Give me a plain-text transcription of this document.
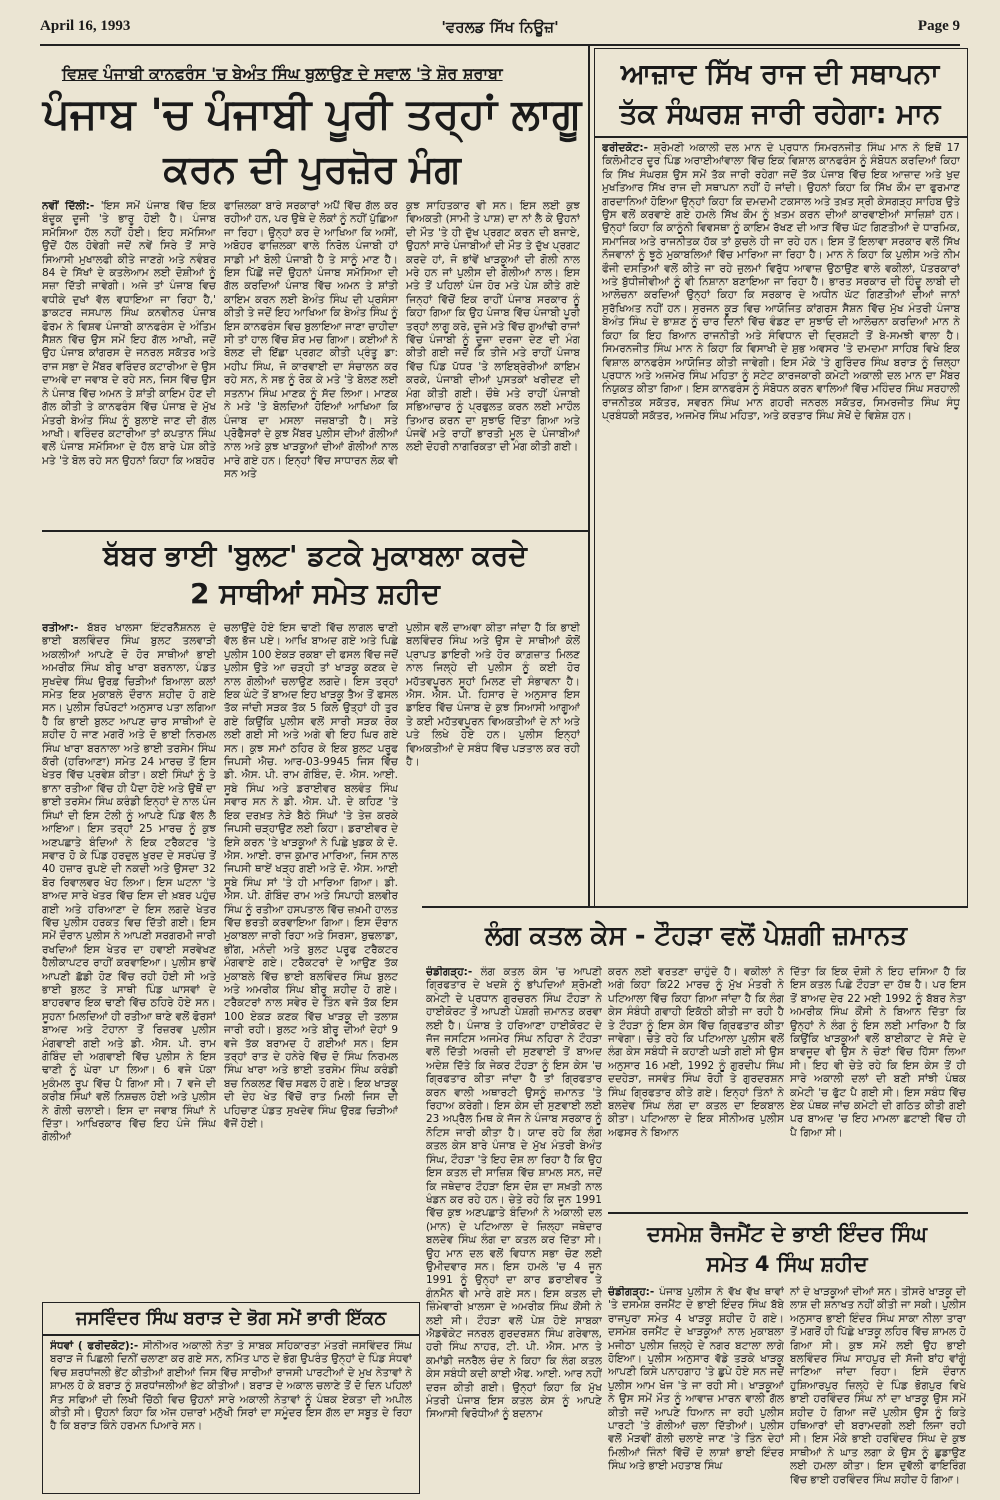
April 16, 1993	'ਵਰਲਡ ਸਿੱਖ ਨਿਊਜ਼'	Page 9
ਵਿਸ਼ਵ ਪੰਜਾਬੀ ਕਾਨਫਰੰਸ 'ਚ ਬੇਅੰਤ ਸਿੰਘ ਬੁਲਾਉਣ ਦੇ ਸਵਾਲ 'ਤੇ ਸ਼ੋਰ ਸ਼ਰਾਬਾ
ਪੰਜਾਬ 'ਚ ਪੰਜਾਬੀ ਪੂਰੀ ਤਰ੍ਹਾਂ ਲਾਗੂ
ਕਰਨ ਦੀ ਪੁਰਜ਼ੋਰ ਮੰਗ
ਨਵੀਂ ਦਿੱਲੀ:- 'ਇਸ ਸਮੇਂ ਪੰਜਾਬ ਵਿੱਚ ਇਕ ਬੰਦੂਕ ਦੂਜੀ 'ਤੇ ਭਾਰੂ ਹੋਈ ਹੈ। ਪੰਜਾਬ ਸਮੱਸਿਆ ਹੱਲ ਨਹੀਂ ਹੋਈ। ਇਹ ਸਮੱਸਿਆ ਉਦੋਂ ਹੱਲ ਹੋਵੇਗੀ ਜਦੋਂ ਨਵੇਂ ਸਿਰੇ ਤੋਂ ਸਾਰੇ ਸਿਆਸੀ ਮੁਖਾਲਫੀ ਕੀਤੇ ਜਾਣਗੇ ਅਤੇ ਨਵੰਬਰ 84 ਦੇ ਸਿੱਖਾਂ ਦੇ ਕਤਲੇਆਮ ਲਈ ਦੋਸ਼ੀਆਂ ਨੂੰ ਸਜ਼ਾ ਦਿੱਤੀ ਜਾਵੇਗੀ। ਅਜੇ ਤਾਂ ਪੰਜਾਬ ਵਿਚ ਵਧੀਕੇ ਦੁਖਾਂ ਵੱਲ ਵਧਾਇਆ ਜਾ ਰਿਹਾ ਹੈ,' ਡਾਕਟਰ ਜਸਪਾਲ ਸਿੰਘ ਕਨਵੀਨਰ ਪੰਜਾਬ ਫੋਰਮ ਨੇ ਵਿਸ਼ਵ ਪੰਜਾਬੀ ਕਾਨਫਰੰਸ ਦੇ ਅੰਤਿਮ ਸੈਸ਼ਨ ਵਿੱਚ ਉਸ ਸਮੇਂ ਇਹ ਗੱਲ ਆਖੀ, ਜਦੋਂ ਉਹ ਪੰਜਾਬ ਕਾਂਗਰਸ ਦੇ ਜਨਰਲ ਸਕੱਤਰ ਅਤੇ ਰਾਜ ਸਭਾ ਦੇ ਮੈਂਬਰ ਵਰਿੰਦਰ ਕਟਾਰੀਆ ਦੇ ਉਸ ਦਾਅਵੇ ਦਾ ਜਵਾਬ ਦੇ ਰਹੇ ਸਨ, ਜਿਸ ਵਿੱਚ ਉਸ ਨੇ ਪੰਜਾਬ ਵਿੱਚ ਅਮਨ ਤੇ ਸ਼ਾਂਤੀ ਕਾਇਮ ਹੋਣ ਦੀ ਗੱਲ ਕੀਤੀ ਤੇ ਕਾਨਫਰੰਸ ਵਿੱਚ ਪੰਜਾਬ ਦੇ ਮੁੱਖ ਮੰਤਰੀ ਬੇਅੰਤ ਸਿੰਘ ਨੂੰ ਬੁਲਾਏ ਜਾਣ ਦੀ ਗੱਲ ਆਖੀ। ਵਰਿੰਦਰ ਕਟਾਰੀਆ ਤਾਂ ਕਪਤਾਨ ਸਿੰਘ ਵਲੋਂ ਪੰਜਾਬ ਸਮੱਸਿਆ ਦੇ ਹੱਲ ਬਾਰੇ ਪੇਸ਼ ਕੀਤੇ ਮਤੇ 'ਤੇ ਬੋਲ ਰਹੇ ਸਨ ਉਹਨਾਂ ਕਿਹਾ ਕਿ ਅਬਹੋਰ
ਫਾਜ਼ਿਲਕਾ ਬਾਰੇ ਸਰਕਾਰਾਂ ਅਪੈਂ ਵਿੱਚ ਗੱਲ ਕਰ ਰਹੀਆਂ ਹਨ, ਪਰ ਉਥੇ ਦੇ ਲੋਕਾਂ ਨੂੰ ਨਹੀਂ ਪੁੱਛਿਆ ਜਾ ਰਿਹਾ। ਉਨ੍ਹਾਂ ਕਰ ਦੇ ਆਖਿਆ ਕਿ ਅਸੀਂ, ਅਬੋਹਰ ਫਾਜ਼ਿਲਕਾ ਵਾਲੇ ਨਿਰੋਲ ਪੰਜਾਬੀ ਹਾਂ ਸਾਡੀ ਮਾਂ ਬੋਲੀ ਪੰਜਾਬੀ ਹੈ ਤੇ ਸਾਨੂੰ ਮਾਣ ਹੈ। ਇਸ ਪਿੱਛੋਂ ਜਦੋਂ ਉਹਨਾਂ ਪੰਜਾਬ ਸਮੱਸਿਆ ਦੀ ਗੱਲ ਕਰਦਿਆਂ ਪੰਜਾਬ ਵਿੱਚ ਅਮਨ ਤੇ ਸ਼ਾਂਤੀ ਕਾਇਮ ਕਰਨ ਲਈ ਬੇਅੰਤ ਸਿੰਘ ਦੀ ਪ੍ਰਸੰਸਾ ਕੀਤੀ ਤੇ ਜਦੋਂ ਇਹ ਆਖਿਆ ਕਿ ਬੇਅੰਤ ਸਿੰਘ ਨੂੰ ਇਸ ਕਾਨਫਰੰਸ ਵਿਚ ਬੁਲਾਇਆ ਜਾਣਾ ਚਾਹੀਦਾ ਸੀ ਤਾਂ ਹਾਲ ਵਿੱਚ ਸ਼ੋਰ ਮਚ ਗਿਆ। ਕਈਆਂ ਨੇ ਬੋਲਣ ਦੀ ਇੱਛਾ ਪ੍ਰਗਟ ਕੀਤੀ ਪ੍ਰੰਤੂ ਡਾ: ਮਹੀਪ ਸਿੰਘ, ਜੋ ਕਾਰਵਾਈ ਦਾ ਸੰਚਾਲਨ ਕਰ ਰਹੇ ਸਨ, ਨੇ ਸਭ ਨੂੰ ਰੋਕ ਕੇ ਮਤੇ 'ਤੇ ਬੋਲਣ ਲਈ ਸਤਨਾਮ ਸਿੰਘ ਮਾਣਕ ਨੂੰ ਸੱਦ ਲਿਆ। ਮਾਣਕ ਨੇ ਮਤੇ 'ਤੇ ਬੋਲਦਿਆਂ ਹੋਇਆਂ ਆਖਿਆ ਕਿ ਪੰਜਾਬ ਦਾ ਮਸਲਾ ਜਜ਼ਬਾਤੀ ਹੈ। ਸਤੇ ਪ੍ਰੋਫੈਸਰਾਂ ਦੇ ਕੁਝ ਮੈਂਬਰ ਪੁਲੀਸ ਦੀਆਂ ਗੋਲੀਆਂ ਨਾਲ ਅਤੇ ਕੁਝ ਖਾੜਕੂਆਂ ਦੀਆਂ ਗੋਲੀਆਂ ਨਾਲ ਮਾਰੇ ਗਏ ਹਨ। ਇਨ੍ਹਾਂ ਵਿੱਚ ਸਾਧਾਰਨ ਲੋਕ ਵੀ ਸਨ ਅਤੇ
ਕੁਝ ਸਾਹਿਤਕਾਰ ਵੀ ਸਨ। ਇਸ ਲਈ ਕੁਝ ਵਿਅਕਤੀ (ਸਾਮੀ ਤੇ ਪਾਸ਼) ਦਾ ਨਾਂ ਲੈ ਕੇ ਉਹਨਾਂ ਦੀ ਮੌਤ 'ਤੇ ਹੀ ਦੁੱਖ ਪ੍ਰਗਟ ਕਰਨ ਦੀ ਬਜਾਏ, ਉਹਨਾਂ ਸਾਰੇ ਪੰਜਾਬੀਆਂ ਦੀ ਮੌਤ ਤੇ ਦੁੱਖ ਪ੍ਰਗਟ ਕਰਦੇ ਹਾਂ, ਜੋ ਭਾਂਵੇਂ ਖਾੜਕੂਆਂ ਦੀ ਗੋਲੀ ਨਾਲ ਮਰੇ ਹਨ ਜਾਂ ਪੁਲੀਸ ਦੀ ਗੋਲੀਆਂ ਨਾਲ। ਇਸ ਮਤੇ ਤੋਂ ਪਹਿਲਾਂ ਪੰਜ ਹੋਰ ਮਤੇ ਪੇਸ਼ ਕੀਤੇ ਗਏ ਜਿਨ੍ਹਾਂ ਵਿੱਚੋਂ ਇਕ ਰਾਹੀਂ ਪੰਜਾਬ ਸਰਕਾਰ ਨੂੰ ਕਿਹਾ ਗਿਆ ਕਿ ਉਹ ਪੰਜਾਬ ਵਿੱਚ ਪੰਜਾਬੀ ਪੂਰੀ ਤਰ੍ਹਾਂ ਲਾਗੂ ਕਰੇ, ਦੂਜੇ ਮਤੇ ਵਿੱਚ ਗੁਆਂਢੀ ਰਾਜਾਂ ਵਿੱਚ ਪੰਜਾਬੀ ਨੂੰ ਦੂਜਾ ਦਰਜਾ ਦੇਣ ਦੀ ਮੰਗ ਕੀਤੀ ਗਈ ਜਦੋਂ ਕਿ ਤੀਜੇ ਮਤੇ ਰਾਹੀਂ ਪੰਜਾਬ ਵਿੱਚ ਪਿੰਡ ਪੱਧਰ 'ਤੇ ਲਾਇਬ੍ਰੇਰੀਆਂ ਕਾਇਮ ਕਰਕੇ, ਪੰਜਾਬੀ ਦੀਆਂ ਪੁਸਤਕਾਂ ਖਰੀਦਣ ਦੀ ਮੰਗ ਕੀਤੀ ਗਈ। ਚੌਥੇ ਮਤੇ ਰਾਹੀਂ ਪੰਜਾਬੀ ਸਭਿਆਚਾਰ ਨੂੰ ਪ੍ਰਫੁਲਤ ਕਰਨ ਲਈ ਮਾਹੌਲ ਤਿਆਰ ਕਰਨ ਦਾ ਸੁਝਾਓ ਦਿੱਤਾ ਗਿਆ ਅਤੇ ਪੰਜਵੇਂ ਮਤੇ ਰਾਹੀਂ ਭਾਰਤੀ ਮੂਲ ਦੇ ਪੰਜਾਬੀਆਂ ਲਈ ਦੋਹਰੀ ਨਾਗਰਿਕਤਾ ਦੀ ਮੰਗ ਕੀਤੀ ਗਈ।
ਆਜ਼ਾਦ ਸਿੱਖ ਰਾਜ ਦੀ ਸਥਾਪਨਾ
ਤੱਕ ਸੰਘਰਸ਼ ਜਾਰੀ ਰਹੇਗਾ: ਮਾਨ
ਫਰੀਦਕੋਟ:- ਸ਼੍ਰੋਮਣੀ ਅਕਾਲੀ ਦਲ ਮਾਨ ਦੇ ਪ੍ਰਧਾਨ ਸਿਮਰਨਜੀਤ ਸਿੰਘ ਮਾਨ ਨੇ ਇਥੋਂ 17 ਕਿਲੋਮੀਟਰ ਦੂਰ ਪਿੰਡ ਅਰਾਈਆਂਵਾਲਾ ਵਿੱਚ ਇਕ ਵਿਸ਼ਾਲ ਕਾਨਫਰੰਸ ਨੂੰ ਸੰਬੋਧਨ ਕਰਦਿਆਂ ਕਿਹਾ ਕਿ ਸਿੱਖ ਸੰਘਰਸ਼ ਉਸ ਸਮੇਂ ਤੱਕ ਜਾਰੀ ਰਹੇਗਾ ਜਦੋਂ ਤੱਕ ਪੰਜਾਬ ਵਿੱਚ ਇਕ ਆਜ਼ਾਦ ਅਤੇ ਖੁਦ ਮੁਖਤਿਆਰ ਸਿੱਖ ਰਾਜ ਦੀ ਸਥਾਪਨਾ ਨਹੀਂ ਹੋ ਜਾਂਦੀ। ਉਹਨਾਂ ਕਿਹਾ ਕਿ ਸਿੱਖ ਕੌਮ ਦਾ ਫੁਰਮਾਣ ਗਰਦਾਨਿਆਂ ਹੋਇਆ ਉਨ੍ਹਾਂ ਕਿਹਾ ਕਿ ਦਮਦਮੀ ਟਕਸਾਲ ਅਤੇ ਤਖ਼ਤ ਸ੍ਰੀ ਕੇਸਗੜ੍ਹ ਸਾਹਿਬ ਉਤੇ ਉਸ ਵਲੋਂ ਕਰਵਾਏ ਗਏ ਹਮਲੇ ਸਿੱਖ ਕੌਮ ਨੂੰ ਖ਼ਤਮ ਕਰਨ ਦੀਆਂ ਕਾਰਵਾਈਆਂ ਸਾਜ਼ਿਸ਼ਾਂ ਹਨ। ਉਨ੍ਹਾਂ ਕਿਹਾ ਕਿ ਕਾਨੂੰਨੀ ਵਿਵਸਥਾ ਨੂੰ ਕਾਇਮ ਰੱਖਣ ਦੀ ਆੜ ਵਿੱਚ ਘੱਟ ਗਿਣਤੀਆਂ ਦੇ ਧਾਰਮਿਕ, ਸਮਾਜਿਕ ਅਤੇ ਰਾਜਨੀਤਕ ਹੱਕ ਤਾਂ ਕੁਚਲੇ ਹੀ ਜਾ ਰਹੇ ਹਨ। ਇਸ ਤੋਂ ਇਲਾਵਾ ਸਰਕਾਰ ਵਲੋਂ ਸਿੱਖ ਨੌਜਵਾਨਾਂ ਨੂੰ ਝੂਠੇ ਮੁਕਾਬਲਿਆਂ ਵਿੱਚ ਮਾਰਿਆ ਜਾ ਰਿਹਾ ਹੈ। ਮਾਨ ਨੇ ਕਿਹਾ ਕਿ ਪੁਲੀਸ ਅਤੇ ਨੀਮ ਫੌਜੀ ਦਸਤਿਆਂ ਵਲੋਂ ਕੀਤੇ ਜਾ ਰਹੇ ਜ਼ੁਲਮਾਂ ਵਿਰੁੱਧ ਆਵਾਜ਼ ਉਠਾਉਣ ਵਾਲੇ ਵਕੀਲਾਂ, ਪੱਤਰਕਾਰਾਂ ਅਤੇ ਬੁੱਧੀਜੀਵੀਆਂ ਨੂੰ ਵੀ ਨਿਸ਼ਾਨਾ ਬਣਾਇਆ ਜਾ ਰਿਹਾ ਹੈ। ਭਾਰਤ ਸਰਕਾਰ ਦੀ ਹਿੰਦੂ ਲਾਬੀ ਦੀ ਆਲੋਚਨਾ ਕਰਦਿਆਂ ਉਨ੍ਹਾਂ ਕਿਹਾ ਕਿ ਸਰਕਾਰ ਦੇ ਅਧੀਨ ਘੱਟ ਗਿਣਤੀਆਂ ਦੀਆਂ ਜਾਨਾਂ ਸੁਰੱਖਿਅਤ ਨਹੀਂ ਹਨ। ਸੁਰਜਨ ਕੂੜ ਵਿਚ ਆਯੋਜਿਤ ਕਾਂਗਰਸ ਸੈਸ਼ਨ ਵਿੱਚ ਮੁੱਖ ਮੰਤਰੀ ਪੰਜਾਬ ਬੇਅੰਤ ਸਿੰਘ ਦੇ ਭਾਸ਼ਣ ਨੂੰ ਚਾਰ ਦਿਨਾਂ ਵਿੱਚ ਵੰਡਣ ਦਾ ਸੁਝਾਓ ਦੀ ਆਲੋਚਨਾ ਕਰਦਿਆਂ ਮਾਨ ਨੇ ਕਿਹਾ ਕਿ ਇਹ ਬਿਆਨ ਰਾਜਨੀਤੀ ਅਤੇ ਸੰਵਿਧਾਨ ਦੀ ਦ੍ਰਿਸ਼ਟੀ ਤੋਂ ਬੇ-ਸਮਝੀ ਵਾਲਾ ਹੈ। ਸਿਮਰਨਜੀਤ ਸਿੰਘ ਮਾਨ ਨੇ ਕਿਹਾ ਕਿ ਵਿਸਾਖੀ ਦੇ ਸ਼ੁਭ ਅਵਸਰ 'ਤੇ ਦਮਦਮਾ ਸਾਹਿਬ ਵਿਖੇ ਇਕ ਵਿਸ਼ਾਲ ਕਾਨਫਰੰਸ ਆਯੋਜਿਤ ਕੀਤੀ ਜਾਵੇਗੀ। ਇਸ ਮੌਕੇ 'ਤੇ ਗੁਰਿੰਦਰ ਸਿੰਘ ਬਰਾੜ ਨੂੰ ਜ਼ਿਲ੍ਹਾ ਪ੍ਰਧਾਨ ਅਤੇ ਅਜਮੇਰ ਸਿੰਘ ਮਹਿਤਾ ਨੂੰ ਸਟੇਟ ਕਾਰਜਕਾਰੀ ਕਮੇਟੀ ਅਕਾਲੀ ਦਲ ਮਾਨ ਦਾ ਮੈਂਬਰ ਨਿਯੁਕਤ ਕੀਤਾ ਗਿਆ। ਇਸ ਕਾਨਫਰੰਸ ਨੂੰ ਸੰਬੋਧਨ ਕਰਨ ਵਾਲਿਆਂ ਵਿੱਚ ਮਹਿੰਦਰ ਸਿੰਘ ਸਰਹਾਲੀ ਰਾਜਨੀਤਕ ਸਕੱਤਰ, ਸਵਰਨ ਸਿੰਘ ਮਾਨ ਗਹਰੀ ਜਨਰਲ ਸਕੱਤਰ, ਸਿਮਰਜੀਤ ਸਿੰਘ ਸੰਧੂ ਪ੍ਰਬੰਧਕੀ ਸਕੱਤਰ, ਅਜਮੇਰ ਸਿੰਘ ਮਹਿਤਾ, ਅਤੇ ਕਰਤਾਰ ਸਿੰਘ ਸੇਖੋਂ ਦੇ ਵਿਸ਼ੇਸ਼ ਹਨ।
ਬੱਬਰ ਭਾਈ 'ਬੁਲਟ' ਡਟਕੇ ਮੁਕਾਬਲਾ ਕਰਦੇ
2 ਸਾਥੀਆਂ ਸਮੇਤ ਸ਼ਹੀਦ
ਰਤੀਆ:- ਬੱਬਰ ਖਾਲਸਾ ਇੰਟਰਨੈਸ਼ਨਲ ਦੇ ਭਾਈ ਬਲਵਿੰਦਰ ਸਿੰਘ ਬੁਲਟ ਤਲਵਾੜੀ ਅਕਲੀਆਂ ਆਪਣੇ ਦੋ ਹੋਰ ਸਾਥੀਆਂ ਭਾਈ ਅਮਰੀਕ ਸਿੰਘ ਬੀਰੂ ਖਾਰਾ ਬਰਨਾਲਾ, ਪੰਡਤ ਸੁਖਦੇਵ ਸਿੰਘ ਉਰਫ਼ ਚਿੜੀਆਂ ਬਿਆਲਾ ਕਲਾਂ ਸਮੇਤ ਇਕ ਮੁਕਾਬਲੇ ਦੌਰਾਨ ਸ਼ਹੀਦ ਹੋ ਗਏ ਸਨ। ਪੁਲੀਸ ਰਿਪੋਰਟਾਂ ਅਨੁਸਾਰ ਪਤਾ ਲਗਿਆ ਹੈ ਕਿ ਭਾਈ ਬੁਲਟ ਆਪਣ ਚਾਰ ਸਾਥੀਆਂ ਦੇ ਸ਼ਹੀਦ ਹੋ ਜਾਣ ਮਗਰੋਂ ਅਤੇ ਦੋ ਭਾਈ ਨਿਰਮਲ ਸਿੰਘ ਖਾਰਾ ਬਰਨਾਲਾ ਅਤੇ ਭਾਈ ਤਰਸੇਮ ਸਿੰਘ ਕੱਰੀ (ਹਰਿਆਣਾ) ਸਮੇਤ 24 ਮਾਰਚ ਤੋਂ ਇਸ ਖੇਤਰ ਵਿੱਚ ਪ੍ਰਵੇਸ਼ ਕੀਤਾ। ਕਈ ਸਿੰਘਾਂ ਨੂੰ ਤੇ ਭਾਨਾ ਰਤੀਆ ਵਿੱਚ ਹੀ ਪੈਦਾ ਹੋਏ ਅਤੇ ਉਥੋਂ ਦਾ ਭਾਈ ਤਰਸੇਮ ਸਿੰਘ ਕਰੰਡੀ ਇਨ੍ਹਾਂ ਦੇ ਨਾਲ ਪੰਜ ਸਿੰਘਾਂ ਦੀ ਇਸ ਟੋਲੀ ਨੂੰ ਆਪਣੇ ਪਿੰਡ ਵੱਲ ਲੈ ਆਇਆ। ਇਸ ਤਰ੍ਹਾਂ 25 ਮਾਰਚ ਨੂੰ ਕੁਝ ਅਣਪਛਾਤੇ ਬੰਦਿਆਂ ਨੇ ਇਕ ਟਰੈਕਟਰ 'ਤੇ ਸਵਾਰ ਹੋ ਕੇ ਪਿੰਡ ਹਰਦੁਲ ਖੁਰਦ ਦੇ ਸਰਪੰਚ ਤੋਂ 40 ਹਜ਼ਾਰ ਰੁਪਏ ਦੀ ਨਕਦੀ ਅਤੇ ਉਸਦਾ 32 ਬੋਰ ਰਿਵਾਲਵਰ ਖੋਹ ਲਿਆ। ਇਸ ਘਟਨਾ 'ਤੇ ਬਾਅਦ ਸਾਰੇ ਖੇਤਰ ਵਿੱਚ ਇਸ ਦੀ ਖ਼ਬਰ ਪਹੁੰਚ ਗਈ ਅਤੇ ਹਰਿਆਣਾ ਦੇ ਇਸ ਲਗਦੇ ਖੇਤਰ ਵਿੱਚ ਪੁਲੀਸ ਹਰਕਤ ਵਿਚ ਦਿੱਤੀ ਗਈ। ਇਸ ਸਮੇਂ ਦੌਰਾਨ ਪੁਲੀਸ ਨੇ ਆਪਣੀ ਸਰਗਰਮੀ ਜਾਰੀ ਰਖਦਿਆਂ ਇਸ ਖੇਤਰ ਦਾ ਹਵਾਈ ਸਰਵੇਖਣ ਹੈਲੀਕਾਪਟਰ ਰਾਹੀਂ ਕਰਵਾਇਆ। ਪੁਲੀਸ ਭਾਵੇਂ ਆਪਣੀ ਛੱਡੀ ਹੋਣ ਵਿੱਚ ਰਹੀ ਹੋਈ ਸੀ ਅਤੇ ਭਾਈ ਬੁਲਟ ਤੇ ਸਾਥੀ ਪਿੰਡ ਘਾਸਵਾਂ ਦੇ ਬਾਹਰਵਾਰ ਇਕ ਢਾਣੀ ਵਿੱਚ ਠਹਿਰੇ ਹੋਏ ਸਨ। ਸੂਹਨਾ ਮਿਲਦਿਆਂ ਹੀ ਰਤੀਆ ਥਾਣੇ ਵਲੋਂ ਫੋਰਸਾਂ ਬਾਅਦ ਅਤੇ ਟੋਹਾਨਾ ਤੋਂ ਰਿਜ਼ਰਵ ਪੁਲੀਸ ਮੰਗਵਾਈ ਗਈ ਅਤੇ ਡੀ. ਐਸ. ਪੀ. ਰਾਮ ਗੋਬਿੰਦ ਦੀ ਅਗਵਾਈ ਵਿੱਚ ਪੁਲੀਸ ਨੇ ਇਸ ਢਾਣੀ ਨੂੰ ਘੇਰਾ ਪਾ ਲਿਆ। 6 ਵਜੇ ਪੱਕਾ ਮੁਕੰਮਲ ਰੂਪ ਵਿੱਚ ਪੈ ਗਿਆ ਸੀ। 7 ਵਜੇ ਦੀ ਕਰੀਬ ਸਿੰਘਾਂ ਵਲੋਂ ਨਿਸ਼ਚਲ ਹੋਈ ਅਤੇ ਪੁਲੀਸ ਨੇ ਗੋਲੀ ਚਲਾਈ। ਇਸ ਦਾ ਜਵਾਬ ਸਿੰਘਾਂ ਨੇ ਦਿੱਤਾ। ਆਖਿਰਕਾਰ ਵਿੱਚ ਇਹ ਪੰਜੇ ਸਿੰਘ ਗੋਲੀਆਂ
ਚਲਾਉਂਦੇ ਹੋਏ ਇਸ ਢਾਣੀ ਵਿੱਚ ਲਾਗਲ ਢਾਣੀ ਵੱਲ ਭੱਜ ਪਏ। ਆਖਿ ਬਾਅਦ ਗਏ ਅਤੇ ਪਿਛੇ ਪੁਲੀਸ 100 ਏਕੜ ਰਕਬਾ ਦੀ ਫਸਲ ਵਿੱਚ ਜਦੋਂ ਪੁਲੀਸ ਉਤੇ ਆ ਚੜ੍ਹੀ ਤਾਂ ਖਾੜਕੂ ਕਣਕ ਦੇ ਨਾਲ ਗੋਲੀਆਂ ਚਲਾਉਣ ਲਗਦੇ। ਇਸ ਤਰ੍ਹਾਂ ਇਕ ਘੰਟੇ ਤੋਂ ਬਾਅਦ ਇਹ ਖਾੜਕੂ ਤੈਅ ਤੋਂ ਫਸਲ ਤੱਕ ਜਾਂਦੀ ਸੜਕ ਤੱਕ 5 ਕਿਲੋ ਉਤ੍ਹਾਂ ਹੀ ਤੁਰ ਗਏ ਕਿਉਂਕਿ ਪੁਲੀਸ ਵਲੋਂ ਸਾਰੀ ਸੜਕ ਰੋਕ ਲਈ ਗਈ ਸੀ ਅਤੇ ਅਗੇ ਵੀ ਇਹ ਘਿਰ ਗਏ ਸਨ। ਕੁਝ ਸਮਾਂ ਠਹਿਰ ਕੇ ਇਕ ਬੁਲਟ ਪਰੂਫ ਜਿਪਸੀ ਐਚ. ਆਰ-03-9945 ਜਿਸ ਵਿੱਚ ਡੀ. ਐਸ. ਪੀ. ਰਾਮ ਗੋਬਿੰਦ, ਦੋ. ਐਸ. ਆਈ. ਸੂਬੇ ਸਿੰਘ ਅਤੇ ਡਰਾਈਵਰ ਬਲਵੰਤ ਸਿੰਘ ਸਵਾਰ ਸਨ ਨੇ ਡੀ. ਐਸ. ਪੀ. ਦੇ ਕਹਿਣ 'ਤੇ ਇਕ ਦਰਖ਼ਤ ਨੇੜੇ ਬੈਠੇ ਸਿੰਘਾਂ 'ਤੇ ਤੇਜ਼ ਕਰਕੇ ਜਿਪਸੀ ਚੜ੍ਹਾਉਣ ਲਈ ਕਿਹਾ। ਡਰਾਈਵਰ ਦੇ ਇਸੇ ਕਰਨ 'ਤੇ ਖਾੜਕੂਆਂ ਨੇ ਪਿਛੇ ਖੁਡਕ ਕੇ ਦੋ. ਐਸ. ਆਈ. ਰਾਜ ਕੁਮਾਰ ਮਾਰਿਆ, ਜਿਸ ਨਾਲ ਜਿਪਸੀ ਥਾਏਂ ਖੜ੍ਹ ਗਈ ਅਤੇ ਦੋ. ਐਸ. ਆਈ ਸੂਬੇ ਸਿੰਘ ਸਾਂ 'ਤੇ ਹੀ ਮਾਰਿਆ ਗਿਆ। ਡੀ. ਐਸ. ਪੀ. ਗੋਬਿੰਦ ਰਾਮ ਅਤੇ ਸਿਪਾਹੀ ਬਲਵੀਰ ਸਿੰਘ ਨੂੰ ਰਤੀਆ ਹਸਪਤਾਲ ਵਿੱਚ ਜ਼ਖ਼ਮੀ ਹਾਲਤ ਵਿੱਚ ਭਰਤੀ ਕਰਵਾਇਆ ਗਿਆ। ਇਸ ਦੌਰਾਨ ਮੁਕਾਬਲਾ ਜਾਰੀ ਰਿਹਾ ਅਤੇ ਸਿਰਸਾ, ਬੁਢਲਾਡਾ, ਭੀਂਗ, ਮਨੰਦੀ ਅਤੇ ਬੁਲਟ ਪਰੂਫ ਟਰੈਕਟਰ ਮੰਗਵਾਏ ਗਏ। ਟਰੈਕਟਰਾਂ ਦੇ ਆਉਣ ਤੱਕ ਮੁਕਾਬਲੇ ਵਿੱਚ ਭਾਈ ਬਲਵਿੰਦਰ ਸਿੰਘ ਬੁਲਟ ਅਤੇ ਅਮਰੀਕ ਸਿੰਘ ਬੀਰੂ ਸ਼ਹੀਦ ਹੋ ਗਏ। ਟਰੈਕਟਰਾਂ ਨਾਲ ਸਵੇਰ ਦੇ ਤਿੰਨ ਵਜੇ ਤੱਕ ਇਸ 100 ਏਕੜ ਕਣਕ ਵਿੱਚ ਖਾੜਕੂ ਦੀ ਤਲਾਸ਼ ਜਾਰੀ ਰਹੀ। ਬੁਲਟ ਅਤੇ ਬੀਰੂ ਦੀਆਂ ਦੇਹਾਂ 9 ਵਜੇ ਤੱਕ ਬਰਾਮਦ ਹੋ ਗਈਆਂ ਸਨ। ਇਸ ਤਰ੍ਹਾਂ ਰਾਤ ਦੇ ਹਨੇਰੇ ਵਿੱਚ ਦੋ ਸਿੰਘ ਨਿਰਮਲ ਸਿੰਘ ਖਾਰਾ ਅਤੇ ਭਾਈ ਤਰਸੇਮ ਸਿੰਘ ਕਰੰਡੀ ਬਚ ਨਿਕਲਣ ਵਿੱਚ ਸਫਲ ਹੋ ਗਏ। ਇਕ ਖਾੜਕੂ ਦੀ ਦੇਹ ਖੇਤ ਵਿੱਚੋਂ ਰਾਤ ਮਿਲੀ ਜਿਸ ਦੀ ਪਹਿਚਾਣ ਪੰਡਤ ਸੁਖਦੇਵ ਸਿੰਘ ਉਰਫ਼ ਚਿੜੀਆਂ ਵੱਜੋਂ ਹੋਈ।
ਪੁਲੀਸ ਵਲੋਂ ਦਾਅਵਾ ਕੀਤਾ ਜਾਂਦਾ ਹੈ ਕਿ ਭਾਈ ਬਲਵਿੰਦਰ ਸਿੰਘ ਅਤੇ ਉਸ ਦੇ ਸਾਥੀਆਂ ਕੋਲੋਂ ਪ੍ਰਾਪਤ ਡਾਇਰੀ ਅਤੇ ਹੋਰ ਕਾਗ਼ਜ਼ਾਤ ਮਿਲਣ ਨਾਲ ਜਿਲ੍ਹੇ ਦੀ ਪੁਲੀਸ ਨੂੰ ਕਈ ਹੋਰ ਮਹੱਤਵਪੂਰਨ ਸੂਹਾਂ ਮਿਲਣ ਦੀ ਸੰਭਾਵਨਾ ਹੈ। ਐਸ. ਐਸ. ਪੀ. ਹਿਸਾਰ ਦੇ ਅਨੁਸਾਰ ਇਸ ਡਾਇਰ ਵਿੱਚ ਪੰਜਾਬ ਦੇ ਕੁਝ ਸਿਆਸੀ ਆਗੂਆਂ ਤੇ ਕਈ ਮਹੱਤਵਪੂਰਨ ਵਿਅਕਤੀਆਂ ਦੇ ਨਾਂ ਅਤੇ ਪਤੇ ਲਿਖੇ ਹੋਏ ਹਨ। ਪੁਲੀਸ ਇਨ੍ਹਾਂ ਵਿਅਕਤੀਆਂ ਦੇ ਸਬੰਧ ਵਿੱਚ ਪੜਤਾਲ ਕਰ ਰਹੀ ਹੈ।
ਜਸਵਿੰਦਰ ਸਿੰਘ ਬਰਾੜ ਦੇ ਭੋਗ ਸਮੇਂ ਭਾਰੀ ਇੱਕਠ
ਸੰਧਵਾਂ ( ਫਰੀਦਕੋਟ):- ਸੀਨੀਅਰ ਅਕਾਲੀ ਨੇਤਾ ਤੇ ਸਾਬਕ ਸਹਿਕਾਰਤਾ ਮੰਤਰੀ ਜਸਵਿੰਦਰ ਸਿੰਘ ਬਰਾੜ ਜੋ ਪਿਛਲੀ ਦਿਨੀਂ ਚਲਾਣਾ ਕਰ ਗਏ ਸਨ, ਨਮਿੱਤ ਪਾਠ ਦੇ ਭੋਗ ਉਪਰੰਤ ਉਨ੍ਹਾਂ ਦੇ ਪਿੰਡ ਸੰਧਵਾਂ ਵਿਚ ਸ਼ਰਧਾਂਜਲੀ ਭੇਂਟ ਕੀਤੀਆਂ ਗਈਆਂ ਜਿਸ ਵਿੱਚ ਸਾਰੀਆਂ ਰਾਜਸੀ ਪਾਰਟੀਆਂ ਦੇ ਮੁਖ ਨੇਤਾਵਾਂ ਨੇ ਸ਼ਾਮਲ ਹੋ ਕੇ ਬਰਾੜ ਨੂੰ ਸ਼ਰਧਾਂਜਲੀਆਂ ਭੇਟ ਕੀਤੀਆਂ। ਬਰਾੜ ਦੇ ਅਕਾਲ ਚਲਾਣੇ ਤੋਂ ਦੋ ਦਿਨ ਪਹਿਲਾਂ ਸੱਤ ਸਫਿਆਂ ਦੀ ਲਿਖੀ ਚਿੱਠੀ ਵਿਚ ਉਹਨਾਂ ਸਾਰੇ ਅਕਾਲੀ ਨੇਤਾਵਾਂ ਨੂੰ ਪੰਥਕ ਏਕਤਾ ਦੀ ਅਪੀਲ ਕੀਤੀ ਸੀ। ਉਹਨਾਂ ਕਿਹਾ ਕਿ ਅੱਜ ਹਜ਼ਾਰਾਂ ਮਨੁੱਖੀ ਸਿਰਾਂ ਦਾ ਸਮੂੰਦਰ ਇਸ ਗੱਲ ਦਾ ਸਬੂਤ ਦੇ ਰਿਹਾ ਹੈ ਕਿ ਬਰਾੜ ਕਿੰਨੇ ਹਰਮਨ ਪਿਆਰੇ ਸਨ।
ਲੰਗ ਕਤਲ ਕੇਸ - ਟੌਹੜਾ ਵਲੋਂ ਪੇਸ਼ਗੀ ਜ਼ਮਾਨਤ
ਚੰਡੀਗੜ੍ਹ:- ਲੰਗ ਕਤਲ ਕੇਸ 'ਚ ਆਪਣੀ ਗ੍ਰਿਫਤਾਰ ਦੇ ਖਦਸ਼ੇ ਨੂੰ ਭਾਂਪਦਿਆਂ ਸ਼੍ਰੋਮਣੀ ਕਮੇਟੀ ਦੇ ਪ੍ਰਧਾਨ ਗੁਰਚਰਨ ਸਿੰਘ ਟੌਹੜਾ ਨੇ ਹਾਈਕੋਰਟ ਤੋਂ ਆਪਣੀ ਪੇਸ਼ਗੀ ਜ਼ਮਾਨਤ ਕਰਵਾ ਲਈ ਹੈ। ਪੰਜਾਬ ਤੇ ਹਰਿਆਣਾ ਹਾਈਕੋਰਟ ਦੇ ਜੱਜ ਜਸਟਿਸ ਅਜਮੇਰ ਸਿੰਘ ਨਹਿਰਾ ਨੇ ਟੌਹੜਾ ਵਲੋਂ ਦਿੱਤੀ ਅਰਜ਼ੀ ਦੀ ਸੁਣਵਾਈ ਤੋਂ ਬਾਅਦ ਅਦੇਸ਼ ਦਿੱਤੇ ਕਿ ਜੇਕਰ ਟੌਹੜਾ ਨੂੰ ਇਸ ਕੇਸ 'ਚ ਗ੍ਰਿਫਤਾਰ ਕੀਤਾ ਜਾਂਦਾ ਹੈ ਤਾਂ ਗ੍ਰਿਫਤਾਰ ਕਰਨ ਵਾਲੀ ਅਥਾਰਟੀ ਉਸਨੂੰ ਜ਼ਮਾਨਤ 'ਤੇ ਰਿਹਾਅ ਕਰੇਗੀ। ਇਸ ਕੇਸ ਦੀ ਸੁਣਵਾਈ ਲਈ 23 ਅਪ੍ਰੈਲ ਮਿਥ ਕੇ ਜੱਜ ਨੇ ਪੰਜਾਬ ਸਰਕਾਰ ਨੂੰ ਨੋਟਿਸ ਜਾਰੀ ਕੀਤਾ ਹੈ। ਯਾਦ ਰਹੇ ਕਿ ਲੰਗ ਕਤਲ ਕੇਸ ਬਾਰੇ ਪੰਜਾਬ ਦੇ ਮੁੱਖ ਮੰਤਰੀ ਬੇਅੰਤ ਸਿੰਘ, ਟੌਹੜਾ 'ਤੇ ਇਹ ਦੋਸ਼ ਲਾ ਰਿਹਾ ਹੈ ਕਿ ਉਹ ਇਸ ਕਤਲ ਦੀ ਸਾਜ਼ਿਸ਼ ਵਿੱਚ ਸ਼ਾਮਲ ਸਨ, ਜਦੋਂ ਕਿ ਜਥੇਦਾਰ ਟੌਹੜਾ ਇਸ ਦੋਸ਼ ਦਾ ਸਖ਼ਤੀ ਨਾਲ ਖੰਡਨ ਕਰ ਰਹੇ ਹਨ। ਚੇਤੇ ਰਹੇ ਕਿ ਜੂਨ 1991 ਵਿੱਚ ਕੁਝ ਅਣਪਛਾਤੇ ਬੰਦਿਆਂ ਨੇ ਅਕਾਲੀ ਦਲ (ਮਾਨ) ਦੇ ਪਟਿਆਲਾ ਦੇ ਜ਼ਿਲ੍ਹਾ ਜਥੇਦਾਰ ਬਲਦੇਵ ਸਿੰਘ ਲੰਗ ਦਾ ਕਤਲ ਕਰ ਦਿੱਤਾ ਸੀ। ਉਹ ਮਾਨ ਦਲ ਵਲੋਂ ਵਿਧਾਨ ਸਭਾ ਚੋਣ ਲਈ ਉਮੀਦਵਾਰ ਸਨ। ਇਸ ਹਮਲੇ 'ਚ 4 ਜੂਨ 1991 ਨੂੰ ਉਨ੍ਹਾਂ ਦਾ ਕਾਰ ਡਰਾਈਵਰ ਤੇ ਗੰਨਮੈਨ ਵੀ ਮਾਰੇ ਗਏ ਸਨ। ਇਸ ਕਤਲ ਦੀ ਜ਼ਿੰਮੇਵਾਰੀ ਖ਼ਾਲਸਾ ਦੇ ਅਮਰੀਕ ਸਿੰਘ ਕੌਂਸੀ ਨੇ ਲਈ ਸੀ। ਟੌਹੜਾ ਵਲੋਂ ਪੇਸ਼ ਹੋਏ ਸਾਬਕਾ ਐਡਵੋਕੇਟ ਜਨਰਲ ਗੁਰਦਰਸ਼ਨ ਸਿੰਘ ਗਰੇਵਾਲ, ਹਰੀ ਸਿੰਘ ਨਾਹਰ, ਟੀ. ਪੀ. ਐਸ. ਮਾਨ ਤੇ ਕਮਾਂਡੀ ਜਨਰੈਲ ਚੰਦ ਨੇ ਕਿਹਾ ਕਿ ਲੰਗ ਕਤਲ ਕੇਸ ਸਬੰਧੀ ਕਦੀ ਕਾਈ ਐਫ. ਆਈ. ਆਰ ਨਹੀਂ ਦਰਜ ਕੀਤੀ ਗਈ। ਉਨ੍ਹਾਂ ਕਿਹਾ ਕਿ ਮੁੱਖ ਮੰਤਰੀ ਪੰਜਾਬ ਇਸ ਕਤਲ ਕੇਸ ਨੂੰ ਆਪਣੇ ਸਿਆਸੀ ਵਿਰੋਧੀਆਂ ਨੂੰ ਬਦਨਾਮ
ਕਰਨ ਲਈ ਵਰਤਣਾ ਚਾਹੁੰਦੇ ਹੈ। ਵਕੀਲਾਂ ਨੇ ਅਗੇ ਕਿਹਾ ਕਿ22 ਮਾਰਚ ਨੂੰ ਮੁੱਖ ਮੰਤਰੀ ਨੇ ਪਟਿਆਲਾ ਵਿੱਚ ਕਿਹਾ ਗਿਆ ਜਾਂਦਾ ਹੈ ਕਿ ਲੰਗ ਕੇਸ ਸੰਬੰਧੀ ਗਵਾਹੀ ਇਕੱਠੀ ਕੀਤੀ ਜਾ ਰਹੀ ਹੈ ਤੇ ਟੌਹੜਾ ਨੂੰ ਇਸ ਕੇਸ ਵਿੱਚ ਗ੍ਰਿਫਤਾਰ ਕੀਤਾ ਜਾਵੇਗਾ। ਚੇਤੇ ਰਹੇ ਕਿ ਪਟਿਆਲਾ ਪੁਲੀਸ ਵਲੋਂ ਲੰਗ ਕੇਸ ਸਬੰਧੀ ਜੋ ਕਹਾਣੀ ਘੜੀ ਗਈ ਸੀ ਉਸ ਅਨੁਸਾਰ 16 ਮਈ, 1992 ਨੂੰ ਗੁਰਦੀਪ ਸਿੰਘ ਦਦਹੇੜਾ, ਜਸਵੰਤ ਸਿੰਘ ਰੋਹੀ ਤੇ ਗੁਰਦਰਸ਼ਨ ਸਿੰਘ ਗ੍ਰਿਫਤਾਰ ਕੀਤੇ ਗਏ। ਇਨ੍ਹਾਂ ਤਿੰਨਾਂ ਨੇ ਬਲਦੇਵ ਸਿੰਘ ਲੰਗ ਦਾ ਕਤਲ ਦਾ ਇਕਬਾਲ ਕੀਤਾ। ਪਟਿਆਲਾ ਦੇ ਇਕ ਸੀਨੀਅਰ ਪੁਲੀਸ ਅਫਸਰ ਨੇ ਬਿਆਨ
ਦਿੱਤਾ ਕਿ ਇਕ ਦੋਸ਼ੀ ਨੇ ਇਹ ਦਸਿਆ ਹੈ ਕਿ ਇਸ ਕਤਲ ਪਿਛੇ ਟੌਹੜਾ ਦਾ ਹੱਥ ਹੈ। ਪਰ ਇਸ ਤੋਂ ਬਾਅਦ ਦੇਰ 22 ਮਈ 1992 ਨੂੰ ਬੱਬਰ ਨੇਤਾ ਅਮਰੀਕ ਸਿੰਘ ਕੌਂਸੀ ਨੇ ਬਿਆਨ ਦਿੱਤਾ ਕਿ ਉਨ੍ਹਾਂ ਨੇ ਲੰਗ ਨੂੰ ਇਸ ਲਈ ਮਾਰਿਆ ਹੈ ਕਿ ਕਿਉਂਕਿ ਖਾੜਕੂਆਂ ਵਲੋਂ ਬਾਈਕਾਟ ਦੇ ਸੱਦੇ ਦੇ ਬਾਵਜੂਦ ਵੀ ਉਸ ਨੇ ਚੋਣਾਂ ਵਿੱਚ ਹਿੱਸਾ ਲਿਆ ਸੀ। ਇਹ ਵੀ ਚੇਤੇ ਰਹੇ ਕਿ ਇਸ ਕੇਸ ਤੋਂ ਹੀ ਸਾਰੇ ਅਕਾਲੀ ਦਲਾਂ ਦੀ ਬਣੀ ਸਾਂਝੀ ਪੰਥਕ ਕਮੇਟੀ 'ਚ ਫੁੱਟ ਪੈ ਗਈ ਸੀ। ਇਸ ਸਬੰਧ ਵਿੱਚ ਏਕ ਪੰਥਕ ਜਾਂਚ ਕਮੇਟੀ ਦੀ ਗਠਿਤ ਕੀਤੀ ਗਈ ਪਰ ਬਾਅਦ 'ਚ ਇਹ ਮਾਮਲਾ ਛਟਾਈ ਵਿੱਚ ਹੀ ਪੈ ਗਿਆ ਸੀ।
ਦਸਮੇਸ਼ ਰੈਜਮੈਂਟ ਦੇ ਭਾਈ ਇੰਦਰ ਸਿੰਘ
ਸਮੇਤ 4 ਸਿੰਘ ਸ਼ਹੀਦ
ਚੰਡੀਗੜ੍ਹ:- ਪੰਜਾਬ ਪੁਲੀਸ ਨੇ ਵੱਖ ਵੱਖ ਥਾਵਾਂ 'ਤੇ ਦਸਮੇਸ਼ ਰਜਮੈਂਟ ਦੇ ਭਾਈ ਇੰਦਰ ਸਿੰਘ ਬੱਬੇ ਰਾਜਪੁਰਾ ਸਮੇਤ 4 ਖਾੜਕੂ ਸ਼ਹੀਦ ਹੋ ਗਏ। ਦਸਮੇਸ਼ ਰਜਮੈਂਟ ਦੇ ਖਾੜਕੂਆਂ ਨਾਲ ਮੁਕਾਬਲਾ ਮਜੀਠਾ ਪੁਲੀਸ ਜ਼ਿਲ੍ਹੇ ਦੇ ਨਗਰ ਬਟਾਲਾ ਲਾਗੇ ਹੋਇਆ। ਪੁਲੀਸ ਅਨੁਸਾਰ ਵੱਡੇ ਤੜਕੇ ਖਾੜਕੂ ਆਪਣੀ ਕਿਸੇ ਪਨਾਹਗਾਹ 'ਤੇ ਛੁਪੇ ਹੋਏ ਸਨ ਜਦੋਂ ਪੁਲੀਸ ਆਮ ਖੋਜ 'ਤੇ ਜਾ ਰਹੀ ਸੀ। ਖਾੜਕੂਆਂ ਨੇ ਉਸ ਸਮੇਂ ਮੌਤ ਨੂੰ ਆਵਾਜ਼ ਮਾਰਨ ਵਾਲੀ ਗੱਲ ਕੀਤੀ ਜਦੋਂ ਆਪਣੇ ਧਿਆਨ ਜਾ ਰਹੀ ਪੁਲੀਸ ਪਾਰਟੀ 'ਤੇ ਗੋਲੀਆਂ ਚਲਾ ਦਿੱਤੀਆਂ। ਪੁਲੀਸ ਵਲੋਂ ਮੋੜਵੀਂ ਗੋਲੀ ਚਲਾਏ ਜਾਣ 'ਤੇ ਤਿੰਨ ਦੇਹਾਂ ਮਿਲੀਆਂ ਜਿੰਨਾਂ ਵਿੱਚੋਂ ਦੋ ਲਾਸ਼ਾਂ ਭਾਈ ਇੰਦਰ ਸਿੰਘ ਅਤੇ ਭਾਈ ਮਹਤਾਬ ਸਿੰਘ
ਨਾਂ ਦੇ ਖਾੜਕੂਆਂ ਦੀਆਂ ਸਨ। ਤੀਸਰੇ ਖਾੜਕੂ ਦੀ ਲਾਸ਼ ਦੀ ਸ਼ਨਾਖਤ ਨਹੀਂ ਕੀਤੀ ਜਾ ਸਕੀ। ਪੁਲੀਸ ਅਨੁਸਾਰ ਭਾਈ ਇੰਦਰ ਸਿੰਘ ਸਾਕਾ ਨੀਲਾ ਤਾਰਾ ਤੋਂ ਮਗਰੋਂ ਹੀ ਪਿੱਛੇ ਖਾੜਕੂ ਲਹਿਰ ਵਿੱਚ ਸ਼ਾਮਲ ਹੋ ਗਿਆ ਸੀ। ਕੁਝ ਸਮੇਂ ਲਈ ਉਹ ਭਾਈ ਬਲਵਿੰਦਰ ਸਿੰਘ ਸਾਹਪੁਰ ਦੀ ਸੱਜੀ ਬਾਂਹ ਵਾਂਗੂੰ ਜਾਣਿਆ ਜਾਂਦਾ ਰਿਹਾ। ਇਸੇ ਦੌਰਾਨ ਹੁਸ਼ਿਆਰਪੁਰ ਜ਼ਿਲ੍ਹੇ ਦੇ ਪਿੰਡ ਭੋਗਪੁਰ ਵਿਖੇ ਭਾਈ ਹਰਵਿੰਦਰ ਸਿੰਘ ਨਾਂ ਦਾ ਖਾੜਕੂ ਉਸ ਸਮੇਂ ਸ਼ਹੀਦ ਹੋ ਗਿਆ ਜਦੋਂ ਪੁਲੀਸ ਉਸ ਨੂੰ ਕਿਤੇ ਹਥਿਆਰਾਂ ਦੀ ਬਰਾਮਦਗੀ ਲਈ ਲਿਜਾ ਰਹੀ ਸੀ। ਇਸ ਮੌਕੇ ਭਾਈ ਹਰਵਿੰਦਰ ਸਿੰਘ ਦੇ ਕੁਝ ਸਾਥੀਆਂ ਨੇ ਘਾਤ ਲਗਾ ਕੇ ਉਸ ਨੂੰ ਛੁਡਾਉਣ ਲਈ ਹਮਲਾ ਕੀਤਾ। ਇਸ ਦੁਵੱਲੀ ਫਾਇਰਿੰਗ ਵਿੱਚ ਭਾਈ ਹਰਵਿੰਦਰ ਸਿੰਘ ਸ਼ਹੀਦ ਹੋ ਗਿਆ।
